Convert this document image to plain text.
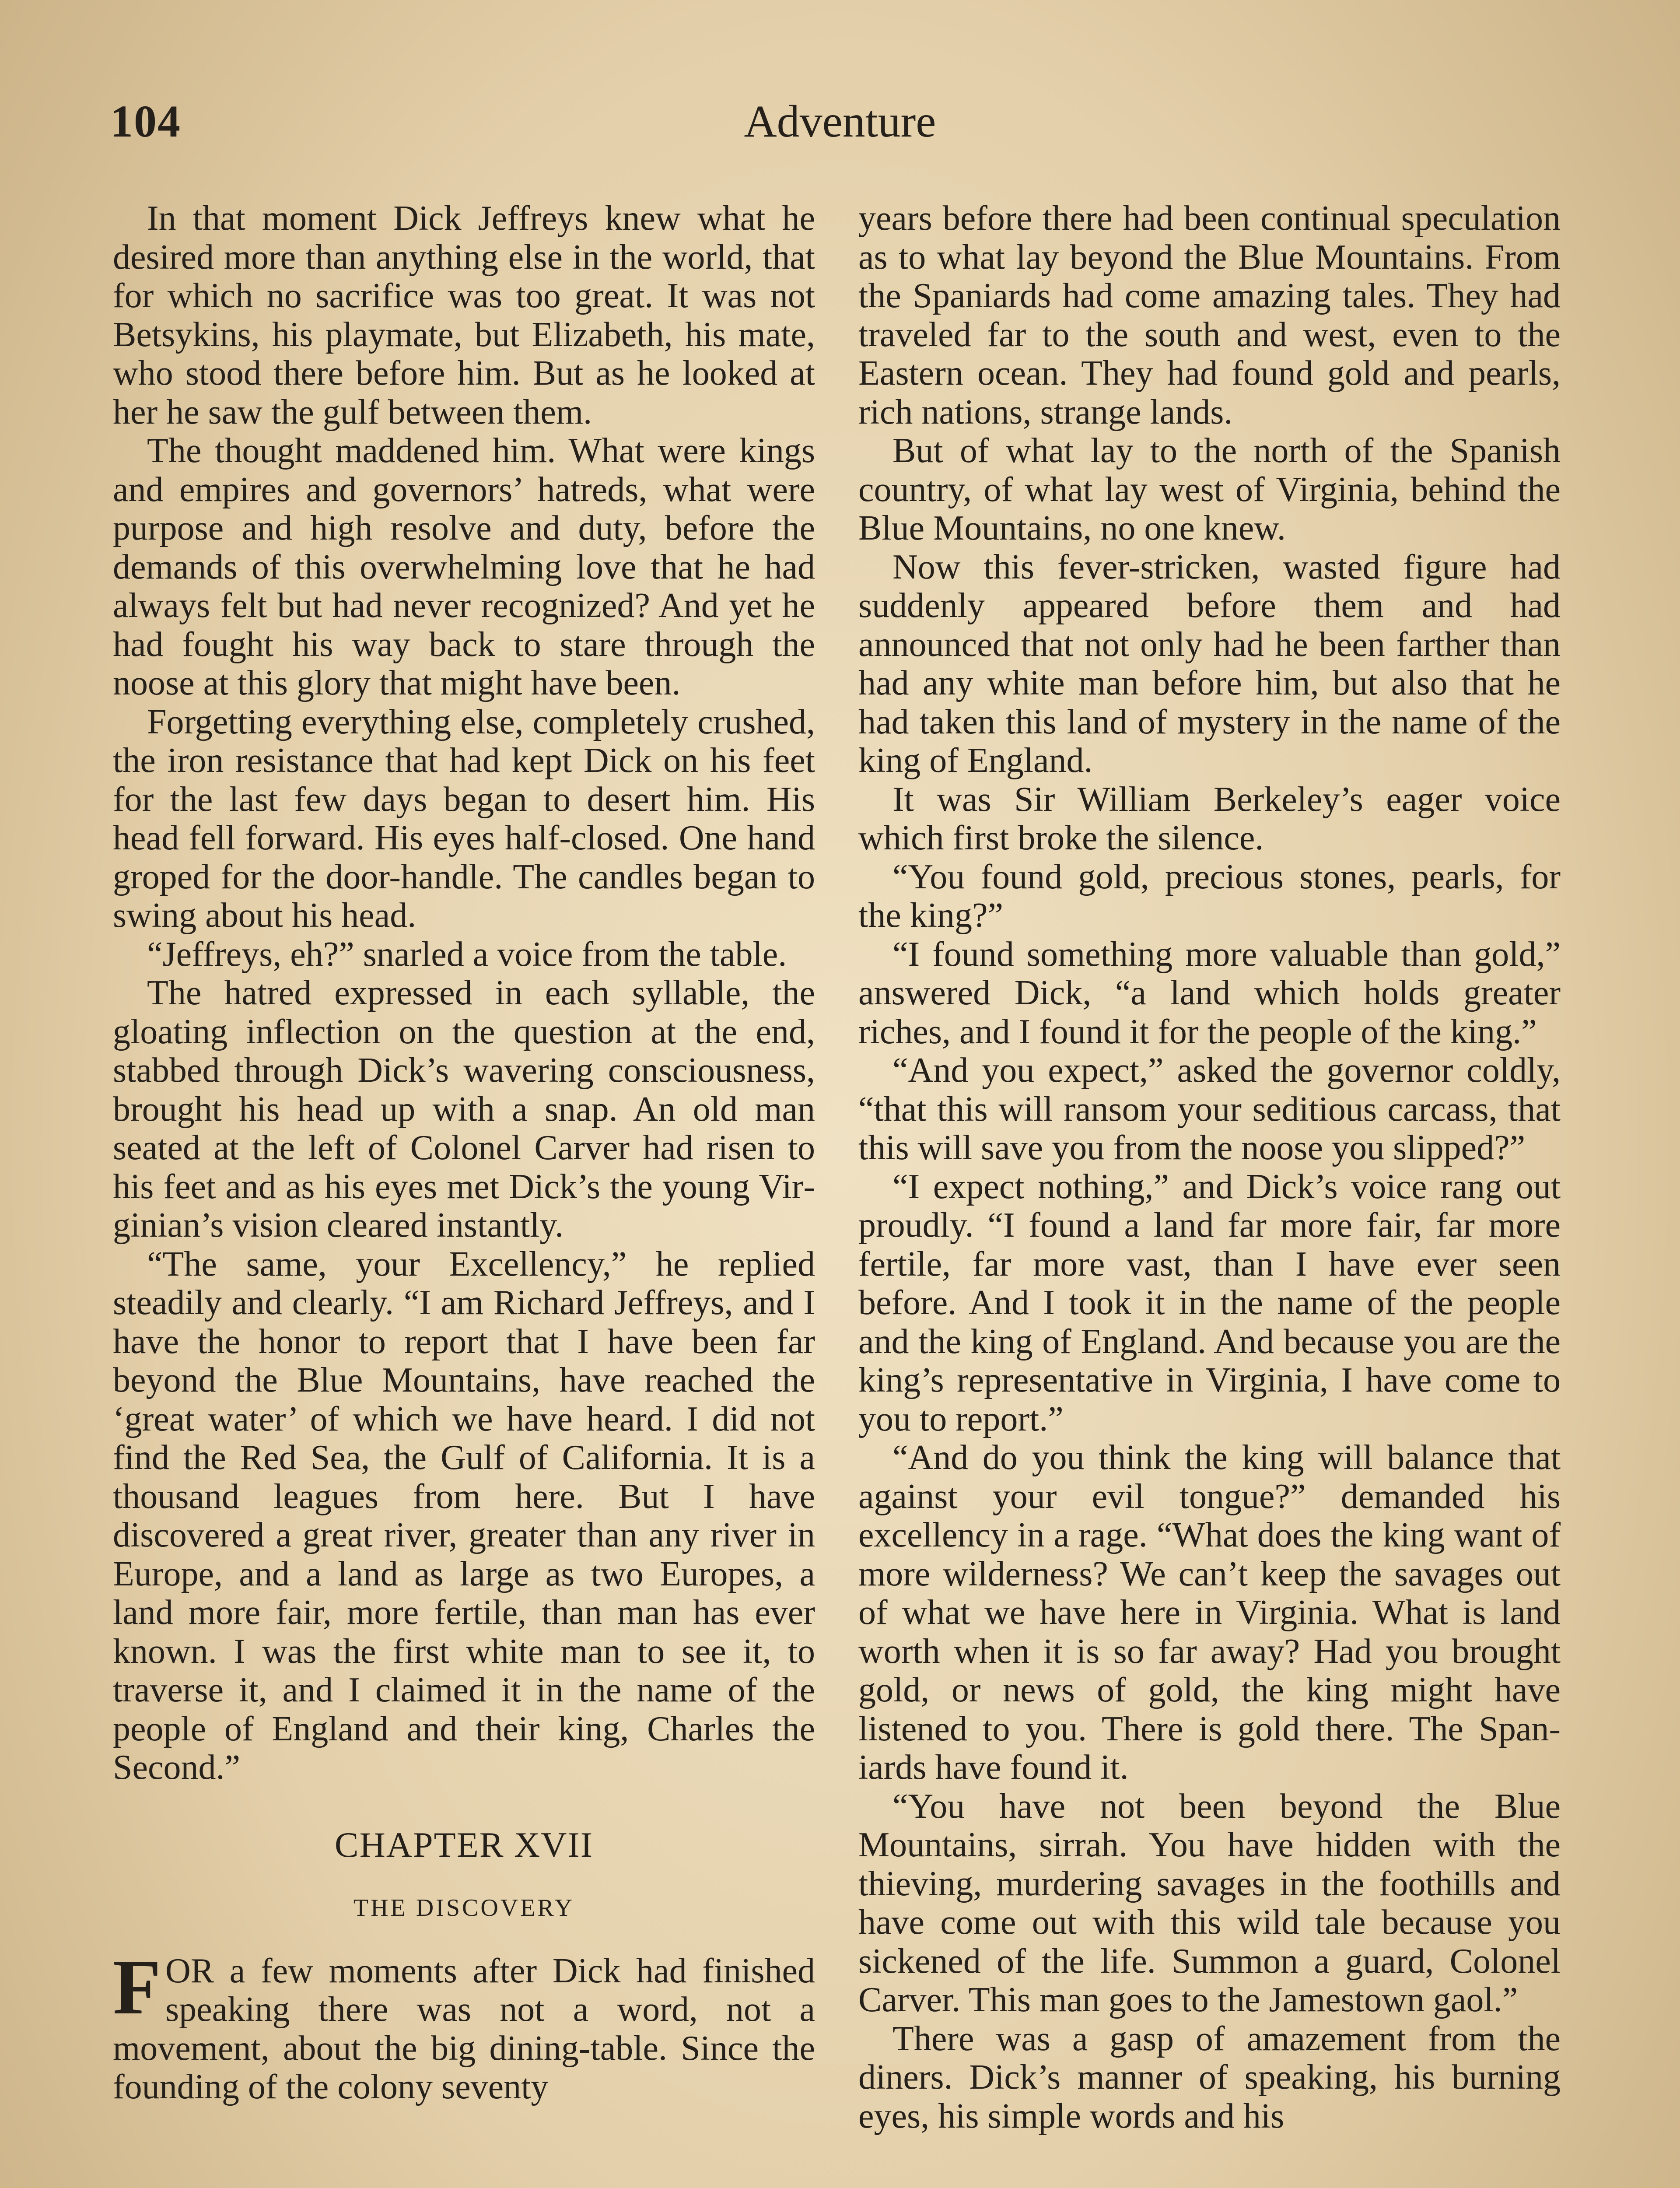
104	Adventure

In that moment Dick Jeffreys knew what he desired more than anything else in the world, that for which no sacrifice was too great. It was not Betsykins, his playmate, but Elizabeth, his mate, who stood there before him. But as he looked at her he saw the gulf between them.

The thought maddened him. What were kings and empires and governors’ hatreds, what were purpose and high resolve and duty, before the demands of this overwhelming love that he had always felt but had never recognized? And yet he had fought his way back to stare through the noose at this glory that might have been.

Forgetting everything else, completely crushed, the iron resistance that had kept Dick on his feet for the last few days began to desert him. His head fell forward. His eyes half-closed. One hand groped for the door-handle. The candles began to swing about his head.

“Jeffreys, eh?” snarled a voice from the table.

The hatred expressed in each syllable, the gloating inflection on the question at the end, stabbed through Dick’s wavering consciousness, brought his head up with a snap. An old man seated at the left of Colonel Carver had risen to his feet and as his eyes met Dick’s the young Virginian’s vision cleared instantly.

“The same, your Excellency,” he replied steadily and clearly. “I am Richard Jeffreys, and I have the honor to report that I have been far beyond the Blue Mountains, have reached the ‘great water’ of which we have heard. I did not find the Red Sea, the Gulf of California. It is a thousand leagues from here. But I have discovered a great river, greater than any river in Europe, and a land as large as two Europes, a land more fair, more fertile, than man has ever known. I was the first white man to see it, to traverse it, and I claimed it in the name of the people of England and their king, Charles the Second.”

CHAPTER XVII
THE DISCOVERY

FOR a few moments after Dick had finished speaking there was not a word, not a movement, about the big dining-table. Since the founding of the colony seventy

years before there had been continual speculation as to what lay beyond the Blue Mountains. From the Spaniards had come amazing tales. They had traveled far to the south and west, even to the Eastern ocean. They had found gold and pearls, rich nations, strange lands.

But of what lay to the north of the Spanish country, of what lay west of Virginia, behind the Blue Mountains, no one knew.

Now this fever-stricken, wasted figure had suddenly appeared before them and had announced that not only had he been farther than had any white man before him, but also that he had taken this land of mystery in the name of the king of England.

It was Sir William Berkeley’s eager voice which first broke the silence.

“You found gold, precious stones, pearls, for the king?”

“I found something more valuable than gold,” answered Dick, “a land which holds greater riches, and I found it for the people of the king.”

“And you expect,” asked the governor coldly, “that this will ransom your seditious carcass, that this will save you from the noose you slipped?”

“I expect nothing,” and Dick’s voice rang out proudly. “I found a land far more fair, far more fertile, far more vast, than I have ever seen before. And I took it in the name of the people and the king of England. And because you are the king’s representative in Virginia, I have come to you to report.”

“And do you think the king will balance that against your evil tongue?” demanded his excellency in a rage. “What does the king want of more wilderness? We can’t keep the savages out of what we have here in Virginia. What is land worth when it is so far away? Had you brought gold, or news of gold, the king might have listened to you. There is gold there. The Spaniards have found it.

“You have not been beyond the Blue Mountains, sirrah. You have hidden with the thieving, murdering savages in the foothills and have come out with this wild tale because you sickened of the life. Summon a guard, Colonel Carver. This man goes to the Jamestown gaol.”

There was a gasp of amazement from the diners. Dick’s manner of speaking, his burning eyes, his simple words and his
